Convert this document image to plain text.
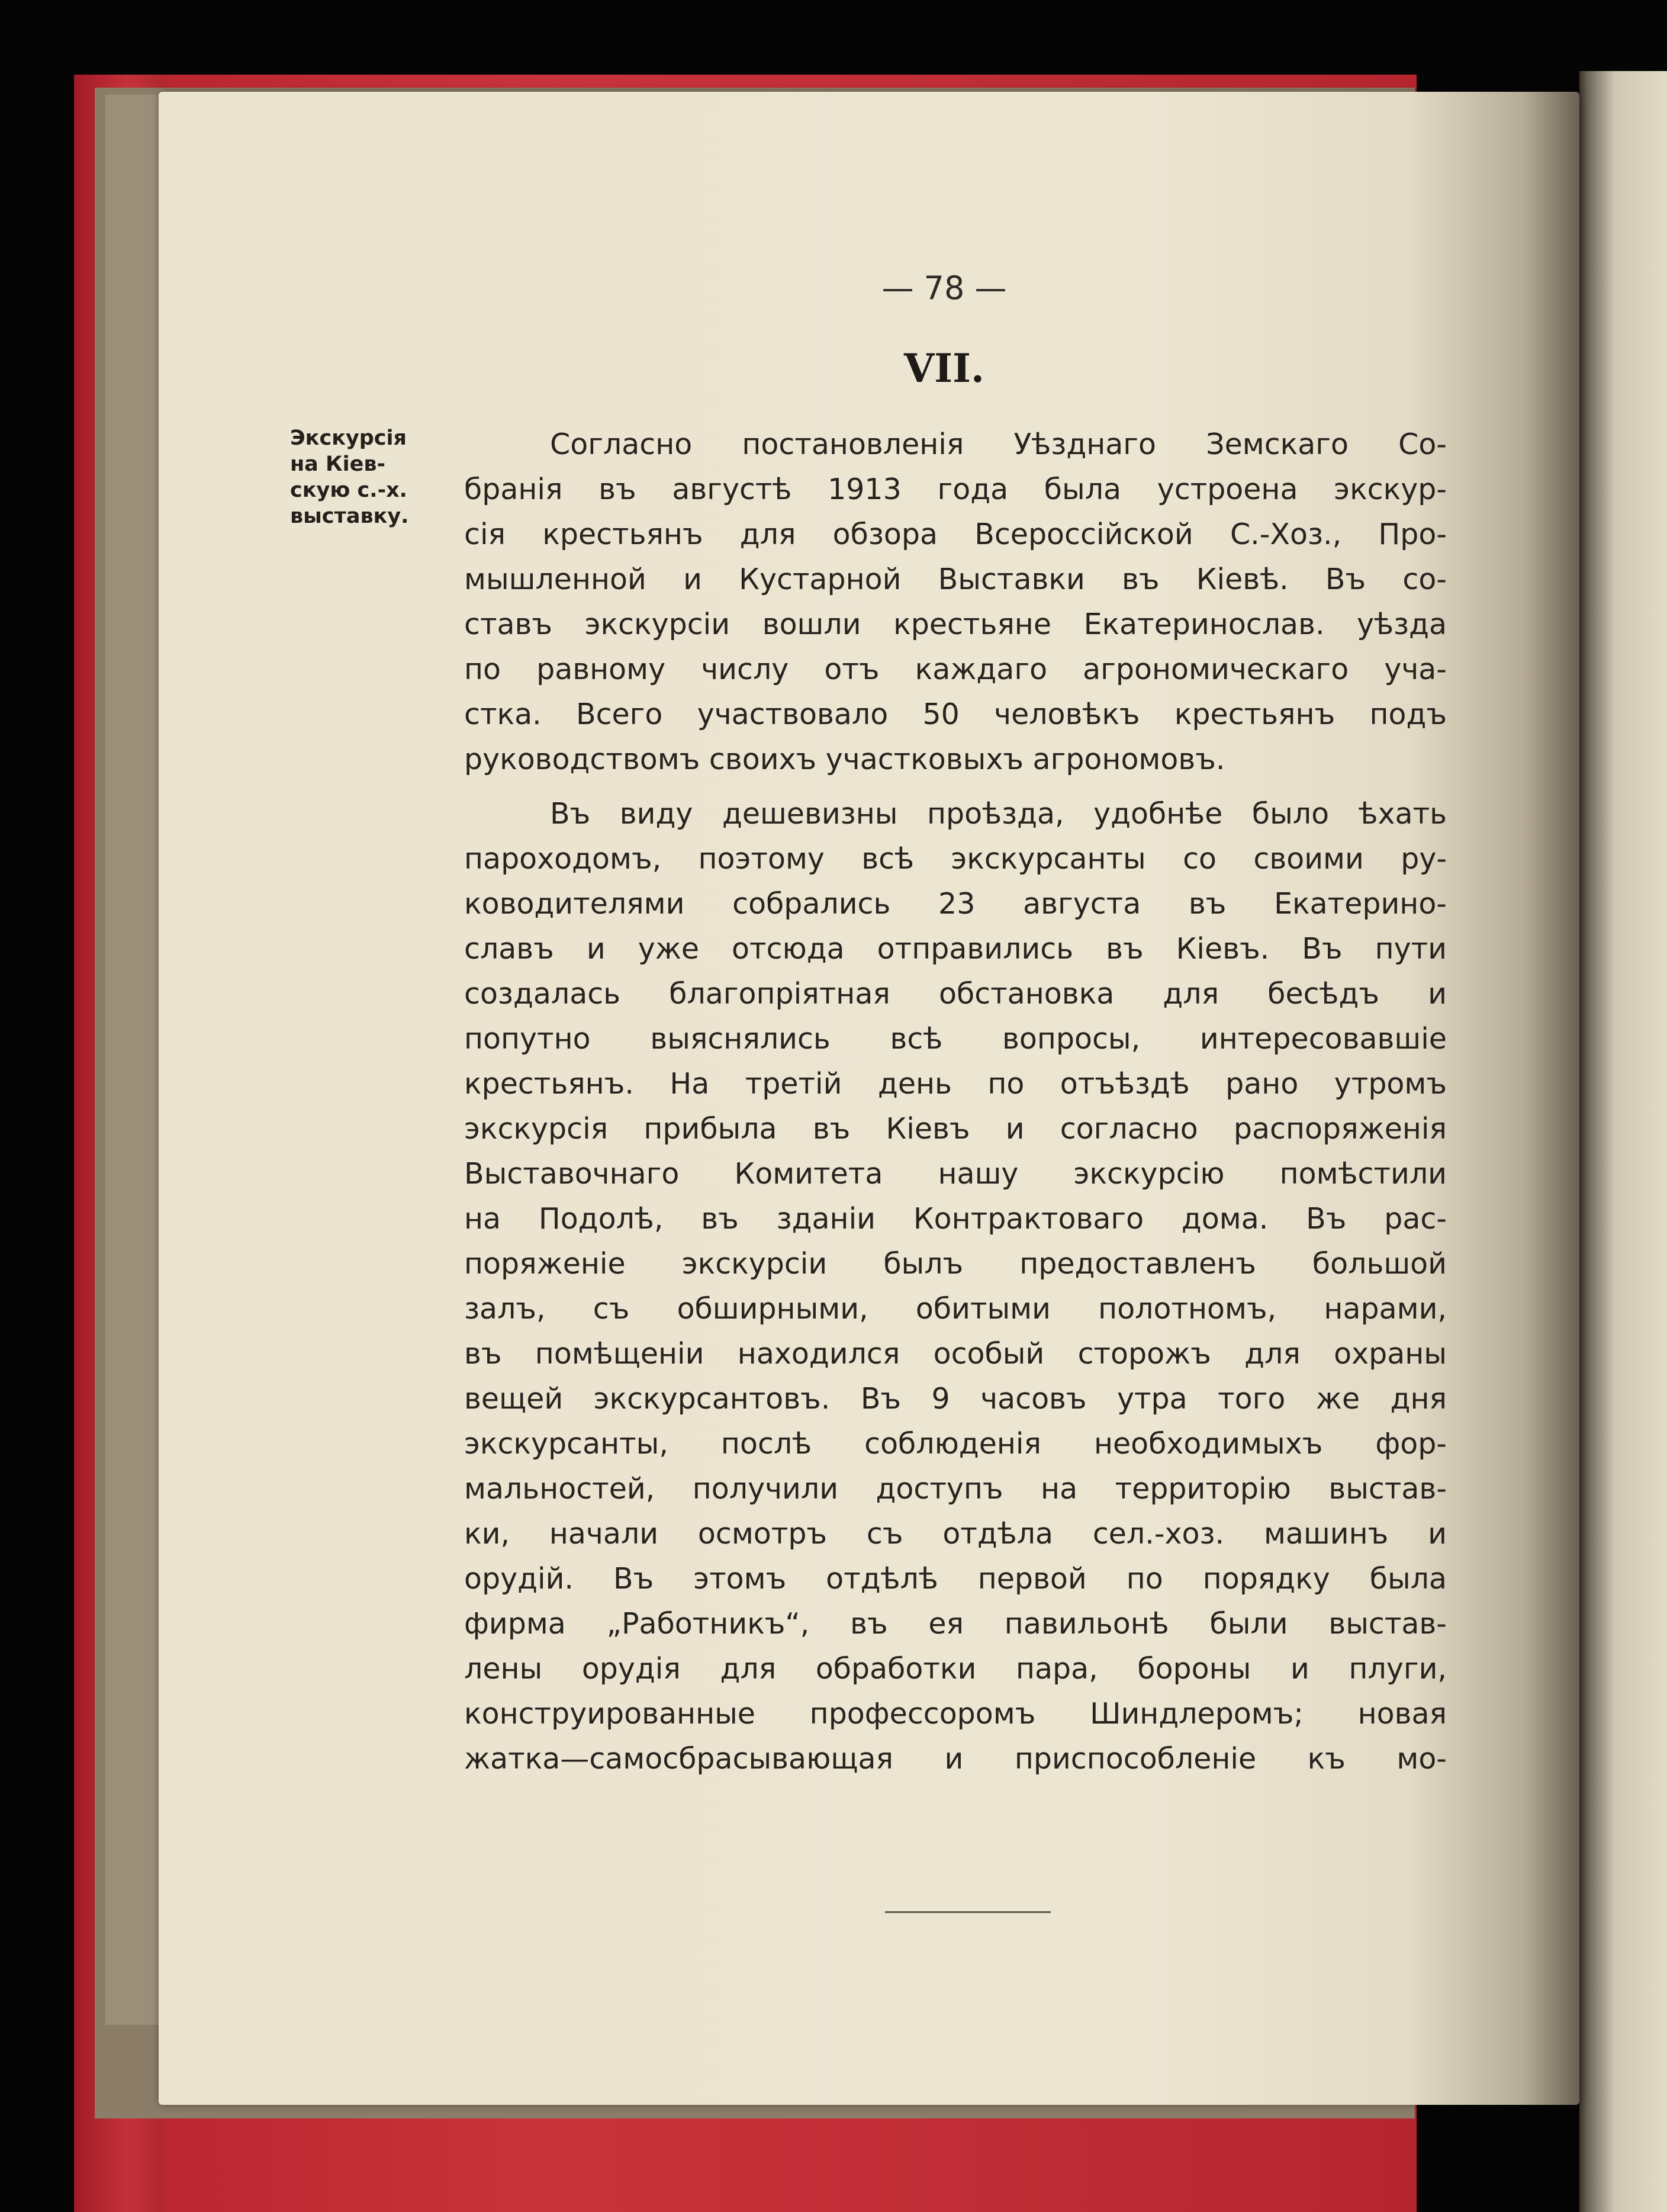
— 78 —
VII.
Экскурсія
на Кіев-
скую с.-х.
выставку.
Согласно постановленія Уѣзднаго Земскаго Со-
бранія въ августѣ 1913 года была устроена экскур-
сія крестьянъ для обзора Всероссійской С.-Хоз., Про-
мышленной и Кустарной Выставки въ Кіевѣ. Въ со-
ставъ экскурсіи вошли крестьяне Екатеринослав. уѣзда
по равному числу отъ каждаго агрономическаго уча-
стка. Всего участвовало 50 человѣкъ крестьянъ подъ
руководствомъ своихъ участковыхъ агрономовъ.
Въ виду дешевизны проѣзда, удобнѣе было ѣхать
пароходомъ, поэтому всѣ экскурсанты со своими ру-
ководителями собрались 23 августа въ Екатерино-
славъ и уже отсюда отправились въ Кіевъ. Въ пути
создалась благопріятная обстановка для бесѣдъ и
попутно выяснялись всѣ вопросы, интересовавшіе
крестьянъ. На третій день по отъѣздѣ рано утромъ
экскурсія прибыла въ Кіевъ и согласно распоряженія
Выставочнаго Комитета нашу экскурсію помѣстили
на Подолѣ, въ зданіи Контрактоваго дома. Въ рас-
поряженіе экскурсіи былъ предоставленъ большой
залъ, съ обширными, обитыми полотномъ, нарами,
въ помѣщеніи находился особый сторожъ для охраны
вещей экскурсантовъ. Въ 9 часовъ утра того же дня
экскурсанты, послѣ соблюденія необходимыхъ фор-
мальностей, получили доступъ на территорію выстав-
ки, начали осмотръ съ отдѣла сел.-хоз. машинъ и
орудій. Въ этомъ отдѣлѣ первой по порядку была
фирма „Работникъ“, въ ея павильонѣ были выстав-
лены орудія для обработки пара, бороны и плуги,
конструированные профессоромъ Шиндлеромъ; новая
жатка—самосбрасывающая и приспособленіе къ мо-
